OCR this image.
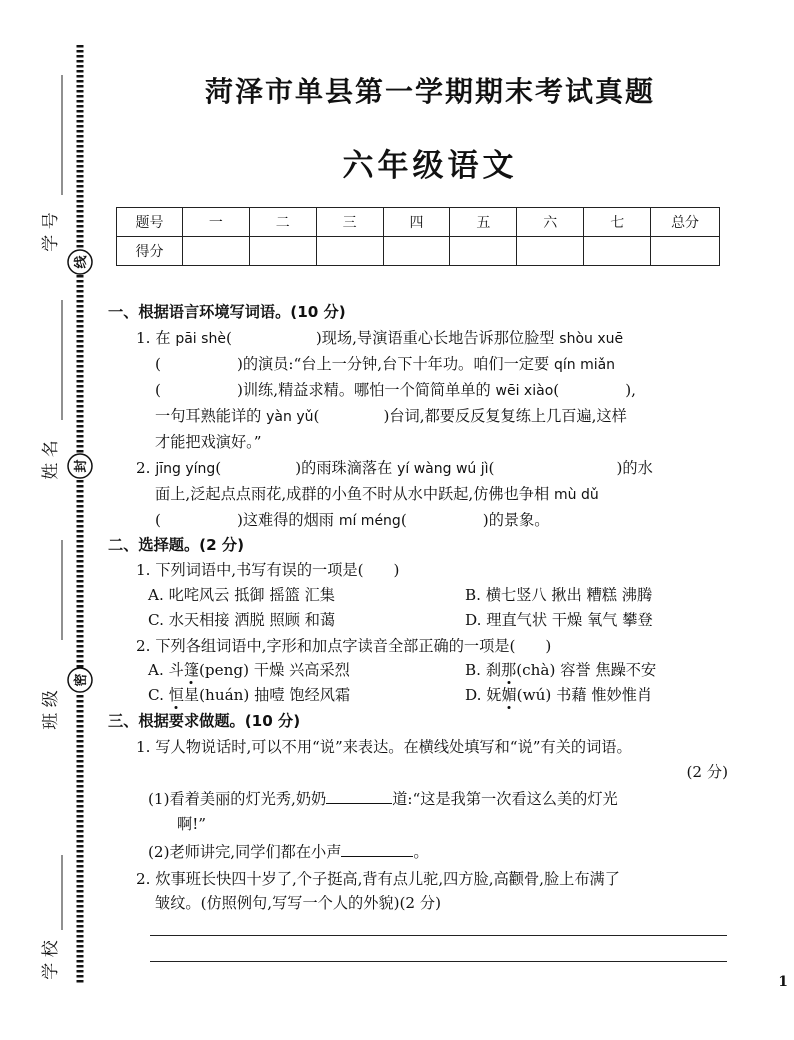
学 校
班 级
姓 名
学 号
密
封
线
菏泽市单县第一学期期末考试真题
六年级语文
题号	一	二	三	四	五	六	七	总分
得分								
一、根据语言环境写词语。(10 分)
1. 在 pāi shè(	)现场,导演语重心长地告诉那位脸型 shòu xuē
(	)的演员:“台上一分钟,台下十年功。咱们一定要 qín miǎn
(	)训练,精益求精。哪怕一个简简单单的 wēi xiào(	),
一句耳熟能详的 yàn yǔ(	)台词,都要反反复复练上几百遍,这样
才能把戏演好。”
2. jīng yíng(	)的雨珠滴落在 yí wàng wú jì(	)的水
面上,泛起点点雨花,成群的小鱼不时从水中跃起,仿佛也争相 mù dǔ
(	)这难得的烟雨 mí méng(	)的景象。
二、选择题。(2 分)
1. 下列词语中,书写有误的一项是( )
A. 叱咤风云 抵御 摇篮 汇集	B. 横七竖八 揪出 糟糕 沸腾
C. 水天相接 洒脱 照顾 和蔼	D. 理直气状 干燥 氧气 攀登
2. 下列各组词语中,字形和加点字读音全部正确的一项是( )
A. 斗篷(peng) 干燥 兴高采烈	B. 刹那(chà) 容誉 焦躁不安
C. 恒星(huán) 抽噎 饱经风霜	D. 妩媚(wú) 书藉 惟妙惟肖
三、根据要求做题。(10 分)
1. 写人物说话时,可以不用“说”来表达。在横线处填写和“说”有关的词语。
(2 分)
(1)看着美丽的灯光秀,奶奶	道:“这是我第一次看这么美的灯光
啊!”
(2)老师讲完,同学们都在小声	。
2. 炊事班长快四十岁了,个子挺高,背有点儿驼,四方脸,高颧骨,脸上布满了
皱纹。(仿照例句,写写一个人的外貌)(2 分)
1
